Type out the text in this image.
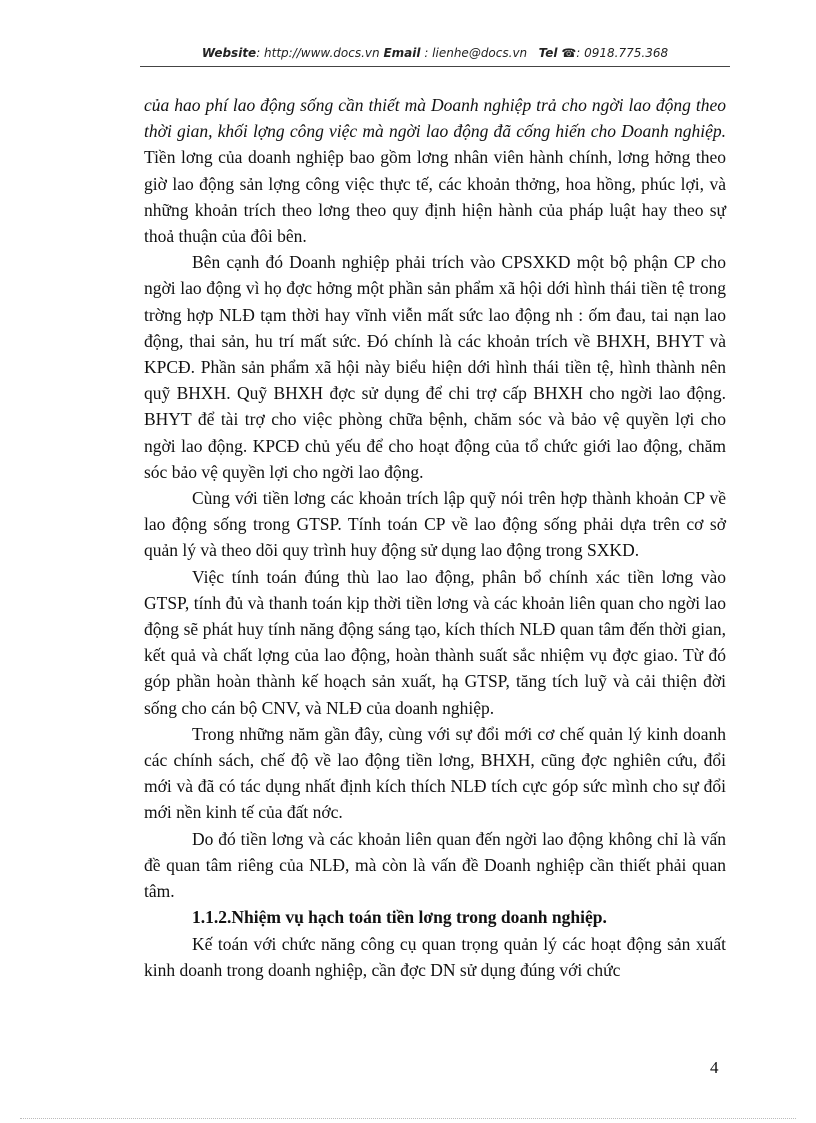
Website: http://www.docs.vn Email : lienhe@docs.vn Tel ☎: 0918.775.368

của hao phí lao động sống cần thiết mà Doanh nghiệp trả cho ngời lao động theo thời gian, khối lợng công việc mà ngời lao động đã cống hiến cho Doanh nghiệp. Tiền lơng của doanh nghiệp bao gồm lơng nhân viên hành chính, lơng hởng theo giờ lao động sản lợng công việc thực tế, các khoản thởng, hoa hồng, phúc lợi, và những khoản trích theo lơng theo quy định hiện hành của pháp luật hay theo sự thoả thuận của đôi bên.

Bên cạnh đó Doanh nghiệp phải trích vào CPSXKD một bộ phận CP cho ngời lao động vì họ đợc hởng một phần sản phẩm xã hội dới hình thái tiền tệ trong trờng hợp NLĐ tạm thời hay vĩnh viễn mất sức lao động nh : ốm đau, tai nạn lao động, thai sản, hu trí mất sức. Đó chính là các khoản trích về BHXH, BHYT và KPCĐ. Phần sản phẩm xã hội này biểu hiện dới hình thái tiền tệ, hình thành nên quỹ BHXH. Quỹ BHXH đợc sử dụng để chi trợ cấp BHXH cho ngời lao động. BHYT để tài trợ cho việc phòng chữa bệnh, chăm sóc và bảo vệ quyền lợi cho ngời lao động. KPCĐ chủ yếu để cho hoạt động của tổ chức giới lao động, chăm sóc bảo vệ quyền lợi cho ngời lao động.

Cùng với tiền lơng các khoản trích lập quỹ nói trên hợp thành khoản CP về lao động sống trong GTSP. Tính toán CP về lao động sống phải dựa trên cơ sở quản lý và theo dõi quy trình huy động sử dụng lao động trong SXKD.

Việc tính toán đúng thù lao lao động, phân bổ chính xác tiền lơng vào GTSP, tính đủ và thanh toán kịp thời tiền lơng và các khoản liên quan cho ngời lao động sẽ phát huy tính năng động sáng tạo, kích thích NLĐ quan tâm đến thời gian, kết quả và chất lợng của lao động, hoàn thành suất sắc nhiệm vụ đợc giao. Từ đó góp phần hoàn thành kế hoạch sản xuất, hạ GTSP, tăng tích luỹ và cải thiện đời sống cho cán bộ CNV, và NLĐ của doanh nghiệp.

Trong những năm gần đây, cùng với sự đổi mới cơ chế quản lý kinh doanh các chính sách, chế độ về lao động tiền lơng, BHXH, cũng đợc nghiên cứu, đổi mới và đã có tác dụng nhất định kích thích NLĐ tích cực góp sức mình cho sự đổi mới nền kinh tế của đất nớc.

Do đó tiền lơng và các khoản liên quan đến ngời lao động không chỉ là vấn đề quan tâm riêng của NLĐ, mà còn là vấn đề Doanh nghiệp cần thiết phải quan tâm.

1.1.2.Nhiệm vụ hạch toán tiền lơng trong doanh nghiệp.

Kế toán với chức năng công cụ quan trọng quản lý các hoạt động sản xuất kinh doanh trong doanh nghiệp, cần đợc DN sử dụng đúng với chức

4
